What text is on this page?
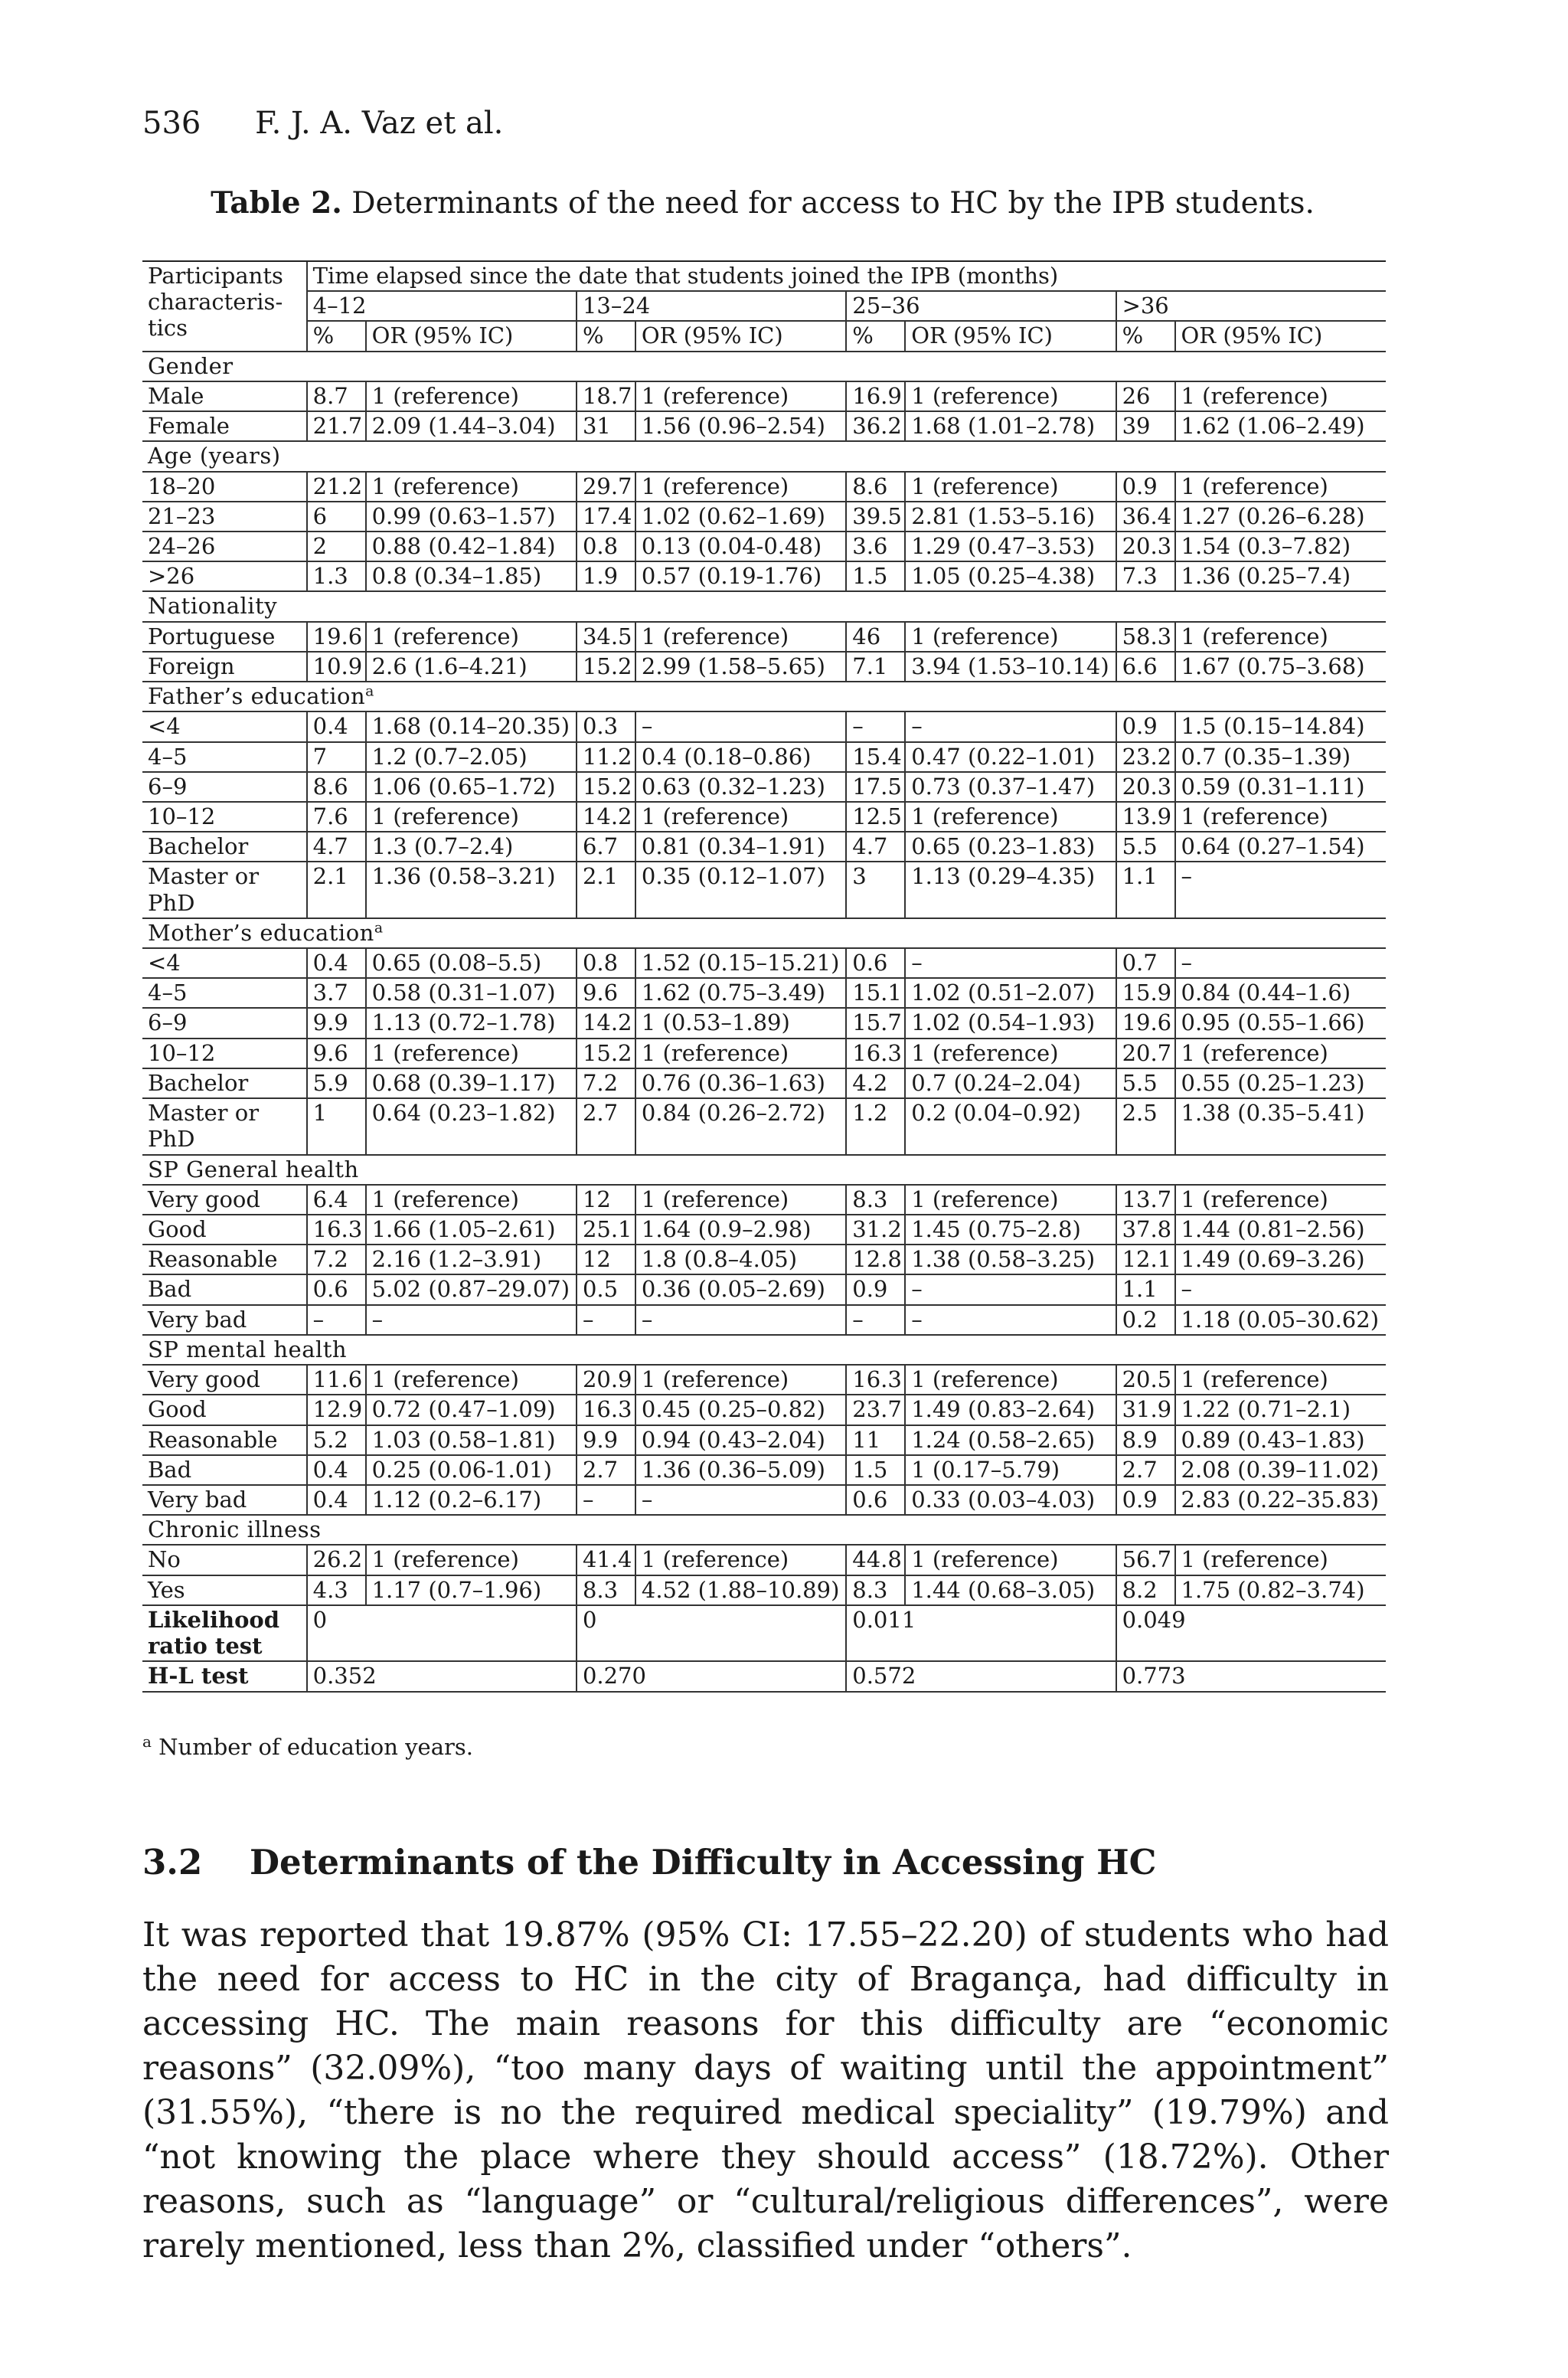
536 F. J. A. Vaz et al.
Table 2. Determinants of the need for access to HC by the IPB students.
Participants characteris- tics	Time elapsed since the date that students joined the IPB (months)							
	4–12		13–24		25–36		>36	
	%	OR (95% IC)	%	OR (95% IC)	%	OR (95% IC)	%	OR (95% IC)
Gender								
Male	8.7	1 (reference)	18.7	1 (reference)	16.9	1 (reference)	26	1 (reference)
Female	21.7	2.09 (1.44–3.04)	31	1.56 (0.96–2.54)	36.2	1.68 (1.01–2.78)	39	1.62 (1.06–2.49)
Age (years)								
18–20	21.2	1 (reference)	29.7	1 (reference)	8.6	1 (reference)	0.9	1 (reference)
21–23	6	0.99 (0.63–1.57)	17.4	1.02 (0.62–1.69)	39.5	2.81 (1.53–5.16)	36.4	1.27 (0.26–6.28)
24–26	2	0.88 (0.42–1.84)	0.8	0.13 (0.04-0.48)	3.6	1.29 (0.47–3.53)	20.3	1.54 (0.3–7.82)
>26	1.3	0.8 (0.34–1.85)	1.9	0.57 (0.19-1.76)	1.5	1.05 (0.25–4.38)	7.3	1.36 (0.25–7.4)
Nationality								
Portuguese	19.6	1 (reference)	34.5	1 (reference)	46	1 (reference)	58.3	1 (reference)
Foreign	10.9	2.6 (1.6–4.21)	15.2	2.99 (1.58–5.65)	7.1	3.94 (1.53–10.14)	6.6	1.67 (0.75–3.68)
Father’s education$^a$
<4	0.4	1.68 (0.14–20.35)	0.3	–	–	–	0.9	1.5 (0.15–14.84)
4–5	7	1.2 (0.7–2.05)	11.2	0.4 (0.18–0.86)	15.4	0.47 (0.22–1.01)	23.2	0.7 (0.35–1.39)
6–9	8.6	1.06 (0.65–1.72)	15.2	0.63 (0.32–1.23)	17.5	0.73 (0.37–1.47)	20.3	0.59 (0.31–1.11)
10–12	7.6	1 (reference)	14.2	1 (reference)	12.5	1 (reference)	13.9	1 (reference)
Bachelor	4.7	1.3 (0.7–2.4)	6.7	0.81 (0.34–1.91)	4.7	0.65 (0.23–1.83)	5.5	0.64 (0.27–1.54)
Master or PhD	2.1	1.36 (0.58–3.21)	2.1	0.35 (0.12–1.07)	3	1.13 (0.29–4.35)	1.1	–
Mother’s education$^a$
<4	0.4	0.65 (0.08–5.5)	0.8	1.52 (0.15–15.21)	0.6	–	0.7	–
4–5	3.7	0.58 (0.31–1.07)	9.6	1.62 (0.75–3.49)	15.1	1.02 (0.51–2.07)	15.9	0.84 (0.44–1.6)
6–9	9.9	1.13 (0.72–1.78)	14.2	1 (0.53–1.89)	15.7	1.02 (0.54–1.93)	19.6	0.95 (0.55–1.66)
10–12	9.6	1 (reference)	15.2	1 (reference)	16.3	1 (reference)	20.7	1 (reference)
Bachelor	5.9	0.68 (0.39–1.17)	7.2	0.76 (0.36–1.63)	4.2	0.7 (0.24–2.04)	5.5	0.55 (0.25–1.23)
Master or PhD	1	0.64 (0.23–1.82)	2.7	0.84 (0.26–2.72)	1.2	0.2 (0.04–0.92)	2.5	1.38 (0.35–5.41)
SP General health								
Very good	6.4	1 (reference)	12	1 (reference)	8.3	1 (reference)	13.7	1 (reference)
Good	16.3	1.66 (1.05–2.61)	25.1	1.64 (0.9–2.98)	31.2	1.45 (0.75–2.8)	37.8	1.44 (0.81–2.56)
Reasonable	7.2	2.16 (1.2–3.91)	12	1.8 (0.8–4.05)	12.8	1.38 (0.58–3.25)	12.1	1.49 (0.69–3.26)
Bad	0.6	5.02 (0.87–29.07)	0.5	0.36 (0.05–2.69)	0.9	–	1.1	–
Very bad	–	–	–	–	–	–	0.2	1.18 (0.05–30.62)
SP mental health								
Very good	11.6	1 (reference)	20.9	1 (reference)	16.3	1 (reference)	20.5	1 (reference)
Good	12.9	0.72 (0.47–1.09)	16.3	0.45 (0.25–0.82)	23.7	1.49 (0.83–2.64)	31.9	1.22 (0.71–2.1)
Reasonable	5.2	1.03 (0.58–1.81)	9.9	0.94 (0.43–2.04)	11	1.24 (0.58–2.65)	8.9	0.89 (0.43–1.83)
Bad	0.4	0.25 (0.06-1.01)	2.7	1.36 (0.36–5.09)	1.5	1 (0.17–5.79)	2.7	2.08 (0.39–11.02)
Very bad	0.4	1.12 (0.2–6.17)	–	–	0.6	0.33 (0.03–4.03)	0.9	2.83 (0.22–35.83)
Chronic illness								
No	26.2	1 (reference)	41.4	1 (reference)	44.8	1 (reference)	56.7	1 (reference)
Yes	4.3	1.17 (0.7–1.96)	8.3	4.52 (1.88–10.89)	8.3	1.44 (0.68–3.05)	8.2	1.75 (0.82–3.74)
Likelihood ratio test	0		0		0.011		0.049	
H-L test	0.352		0.270		0.572		0.773	
$^a$ Number of education years.
3.2 Determinants of the Difficulty in Accessing HC
It was reported that 19.87% (95% CI: 17.55–22.20) of students who had the need for access to HC in the city of Bragança, had difficulty in accessing HC. The main reasons for this difficulty are “economic reasons” (32.09%), “too many days of waiting until the appointment” (31.55%), “there is no the required medical speciality” (19.79%) and “not knowing the place where they should access” (18.72%). Other reasons, such as “language” or “cultural/religious differences”, were rarely mentioned, less than 2%, classified under “others”.
